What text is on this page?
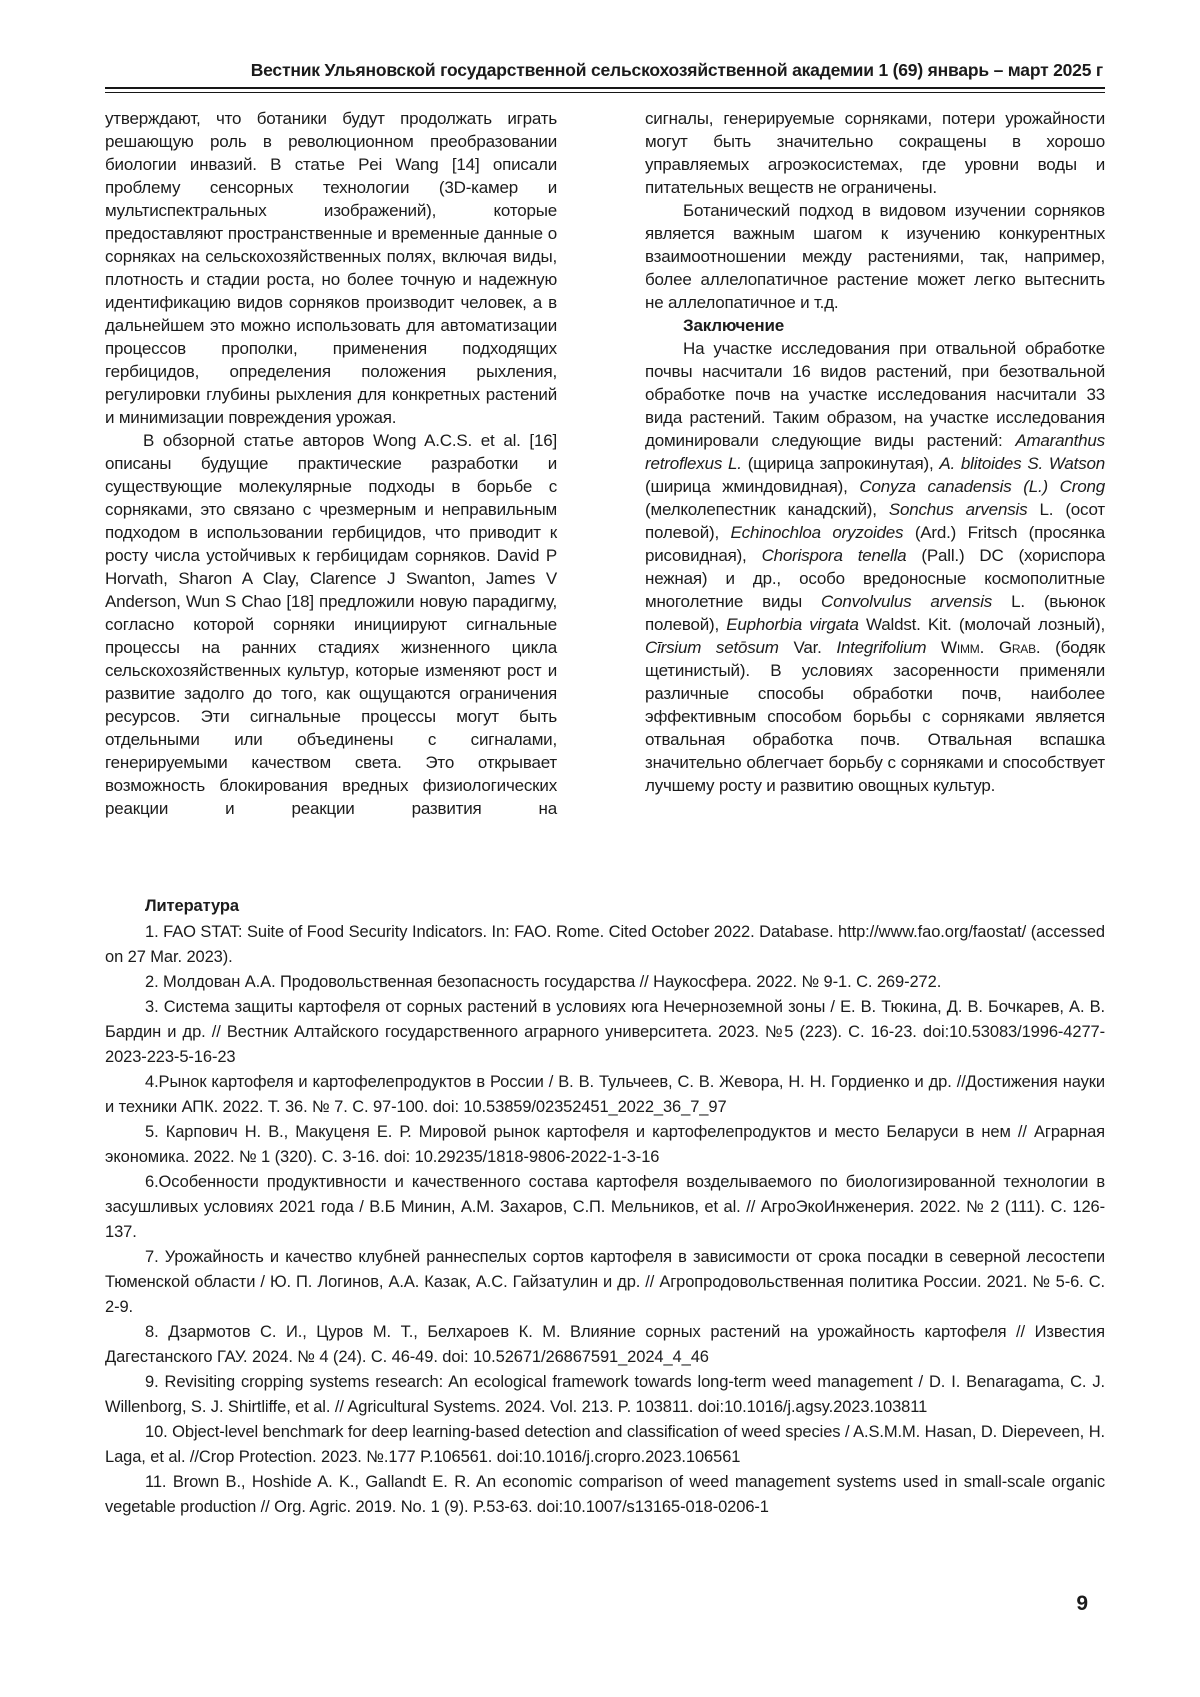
Вестник Ульяновской государственной сельскохозяйственной академии 1 (69) январь – март 2025 г
утверждают, что ботаники будут продолжать играть решающую роль в революционном преобразовании биологии инвазий. В статье Pei Wang [14] описали проблему сенсорных технологии (3D-камер и мультиспектральных изображений), которые предоставляют пространственные и временные данные о сорняках на сельскохозяйственных полях, включая виды, плотность и стадии роста, но более точную и надежную идентификацию видов сорняков производит человек, а в дальнейшем это можно использовать для автоматизации процессов прополки, применения подходящих гербицидов, определения положения рыхления, регулировки глубины рыхления для конкретных растений и минимизации повреждения урожая.
В обзорной статье авторов Wong A.C.S. et al. [16] описаны будущие практические разработки и существующие молекулярные подходы в борьбе с сорняками, это связано с чрезмерным и неправильным подходом в использовании гербицидов, что приводит к росту числа устойчивых к гербицидам сорняков. David P Horvath, Sharon A Clay, Clarence J Swanton, James V Anderson, Wun S Chao [18] предложили новую парадигму, согласно которой сорняки инициируют сигнальные процессы на ранних стадиях жизненного цикла сельскохозяйственных культур, которые изменяют рост и развитие задолго до того, как ощущаются ограничения ресурсов. Эти сигнальные процессы могут быть отдельными или объединены с сигналами, генерируемыми качеством света. Это открывает возможность блокирования вредных физиологических реакции и реакции развития на
сигналы, генерируемые сорняками, потери урожайности могут быть значительно сокращены в хорошо управляемых агроэкосистемах, где уровни воды и питательных веществ не ограничены.
Ботанический подход в видовом изучении сорняков является важным шагом к изучению конкурентных взаимоотношении между растениями, так, например, более аллелопатичное растение может легко вытеснить не аллелопатичное и т.д.
Заключение
На участке исследования при отвальной обработке почвы насчитали 16 видов растений, при безотвальной обработке почв на участке исследования насчитали 33 вида растений. Таким образом, на участке исследования доминировали следующие виды растений: Amaranthus retroflexus L. (щирица запрокинутая), A. blitoides S. Watson (ширица жминдовидная), Conyza canadensis (L.) Crong (мелколепестник канадский), Sonchus arvensis L. (осот полевой), Echinochloa oryzoides (Ard.) Fritsch (просянка рисовидная), Chorispora tenella (Pall.) DC (хориспора нежная) и др., особо вредоносные космополитные многолетние виды Convolvulus arvensis L. (вьюнок полевой), Euphorbia virgata Waldst. Kit. (молочай лозный), Cīrsium setōsum Var. Integrifolium Wimm. Grab. (бодяк щетинистый). В условиях засоренности применяли различные способы обработки почв, наиболее эффективным способом борьбы с сорняками является отвальная обработка почв. Отвальная вспашка значительно облегчает борьбу с сорняками и способствует лучшему росту и развитию овощных культур.
Литература
1. FAO STAT: Suite of Food Security Indicators. In: FAO. Rome. Cited October 2022. Database. http://www.fao.org/faostat/ (accessed on 27 Mar. 2023).
2. Молдован А.А. Продовольственная безопасность государства // Наукосфера. 2022. № 9-1. С. 269-272.
3. Система защиты картофеля от сорных растений в условиях юга Нечерноземной зоны / Е. В. Тюкина, Д. В. Бочкарев, А. В. Бардин и др. // Вестник Алтайского государственного аграрного университета. 2023. №5 (223). С. 16-23. doi:10.53083/1996-4277-2023-223-5-16-23
4.Рынок картофеля и картофелепродуктов в России / В. В. Тульчеев, С. В. Жевора, Н. Н. Гордиенко и др. //Достижения науки и техники АПК. 2022. Т. 36. № 7. С. 97-100. doi: 10.53859/02352451_2022_36_7_97
5. Карпович Н. В., Макуценя Е. Р. Мировой рынок картофеля и картофелепродуктов и место Беларуси в нем // Аграрная экономика. 2022. № 1 (320). С. 3-16. doi: 10.29235/1818-9806-2022-1-3-16
6.Особенности продуктивности и качественного состава картофеля возделываемого по биологизированной технологии в засушливых условиях 2021 года / В.Б Минин, А.М. Захаров, С.П. Мельников, et al. // АгроЭкоИнженерия. 2022. № 2 (111). С. 126-137.
7. Урожайность и качество клубней раннеспелых сортов картофеля в зависимости от срока посадки в северной лесостепи Тюменской области / Ю. П. Логинов, А.А. Казак, А.С. Гайзатулин и др. // Агропродовольственная политика России. 2021. № 5-6. С. 2-9.
8. Дзармотов С. И., Цуров М. Т., Белхароев К. М. Влияние сорных растений на урожайность картофеля // Известия Дагестанского ГАУ. 2024. № 4 (24). С. 46-49. doi: 10.52671/26867591_2024_4_46
9. Revisiting cropping systems research: An ecological framework towards long-term weed management / D. I. Benaragama, C. J. Willenborg, S. J. Shirtliffe, et al. // Agricultural Systems. 2024. Vol. 213. P. 103811. doi:10.1016/j.agsy.2023.103811
10. Object-level benchmark for deep learning-based detection and classification of weed species / A.S.M.M. Hasan, D. Diepeveen, H. Laga, et al. //Crop Protection. 2023. №.177 P.106561. doi:10.1016/j.cropro.2023.106561
11. Brown B., Hoshide A. K., Gallandt E. R. An economic comparison of weed management systems used in small-scale organic vegetable production // Org. Agric. 2019. No. 1 (9). P.53-63. doi:10.1007/s13165-018-0206-1
9
